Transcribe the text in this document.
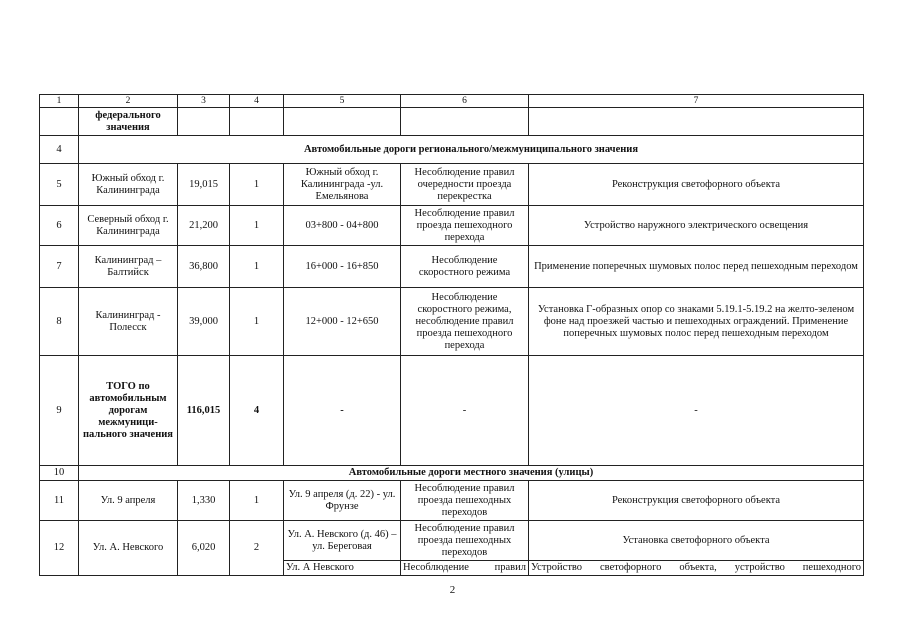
1	2	3	4	5	6	7
	федерального значения					
4	Автомобильные дороги регионального/межмуниципального значения					
5	Южный обход г. Калининграда	19,015	1	Южный обход г. Калининграда -ул. Емельянова	Несоблюдение правил очередности проезда перекрестка	Реконструкция светофорного объекта
6	Северный обход г. Калининграда	21,200	1	03+800 - 04+800	Несоблюдение правил проезда пешеходного перехода	Устройство наружного электрического освещения
7	Калининград – Балтийск	36,800	1	16+000 - 16+850	Несоблюдение скоростного режима	Применение поперечных шумовых полос перед пешеходным переходом
8	Калининград - Полесск	39,000	1	12+000 - 12+650	Несоблюдение скоростного режима, несоблюдение правил проезда пешеходного перехода	Установка Г-образных опор со знаками 5.19.1-5.19.2 на желто-зеленом фоне над проезжей частью и пешеходных ограждений. Применение поперечных шумовых полос перед пешеходным переходом
9	ТОГО по автомобильным дорогам межмуници-пального значения	116,015	4	-	-	-
10	Автомобильные дороги местного значения (улицы)					
11	Ул. 9 апреля	1,330	1	Ул. 9 апреля (д. 22) - ул. Фрунзе	Несоблюдение правил проезда пешеходных переходов	Реконструкция светофорного объекта
12	Ул. А. Невского	6,020	2	Ул. А. Невского (д. 46) – ул. Береговая	Несоблюдение правил проезда пешеходных переходов	Установка светофорного объекта
				Ул. А Невского	Несоблюдение правил	Устройство светофорного объекта, устройство пешеходного
2
